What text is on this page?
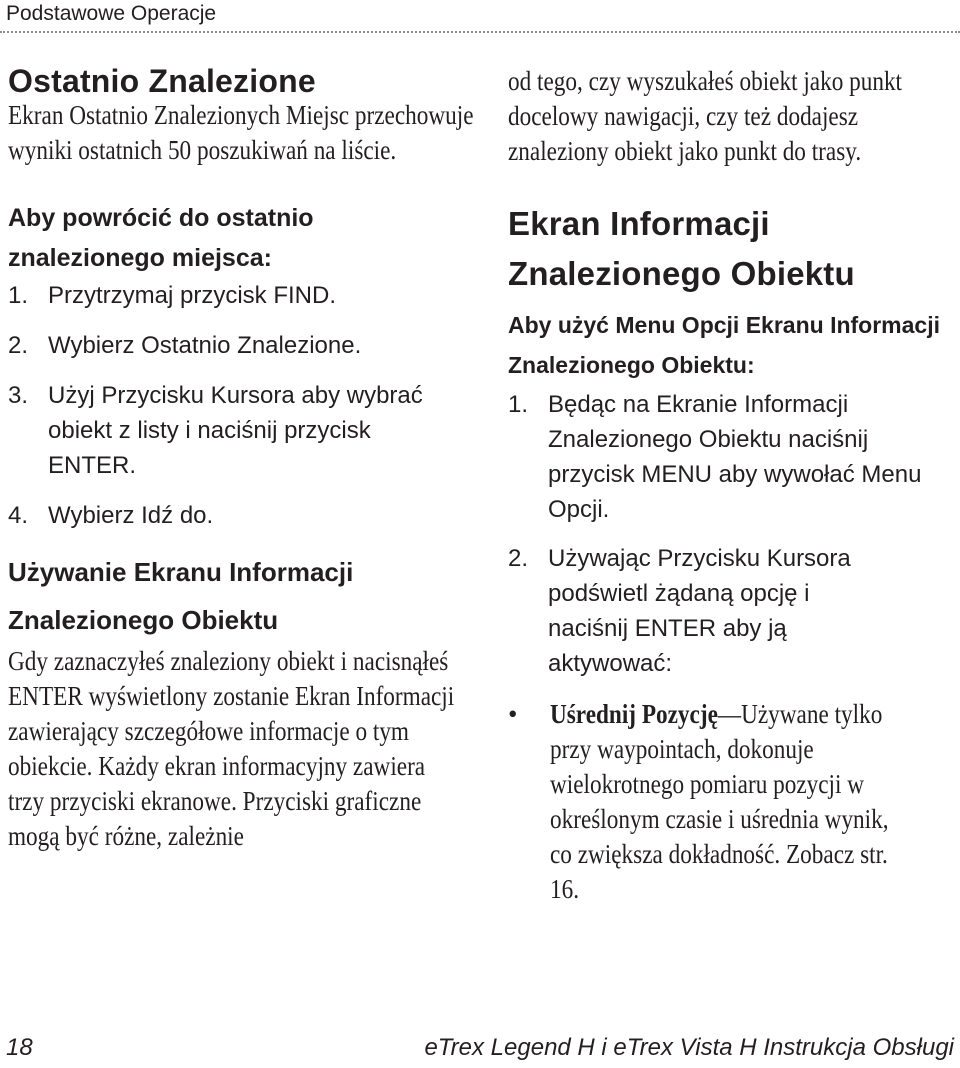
Podstawowe Operacje
Ostatnio Znalezione

Ekran Ostatnio Znalezionych Miejsc przechowuje wyniki ostatnich 50 poszukiwań na liście.

Aby powrócić do ostatnio znalezionego miejsca:
1. Przytrzymaj przycisk FIND.
2. Wybierz Ostatnio Znalezione.
3. Użyj Przycisku Kursora aby wybrać obiekt z listy i naciśnij przycisk ENTER.
4. Wybierz Idź do.
Używanie Ekranu Informacji Znalezionego Obiektu

Gdy zaznaczyłeś znaleziony obiekt i nacisnąłeś ENTER wyświetlony zostanie Ekran Informacji zawierający szczegółowe informacje o tym obiekcie. Każdy ekran informacyjny zawiera trzy przyciski ekranowe. Przyciski graficzne mogą być różne, zależnie

od tego, czy wyszukałeś obiekt jako punkt docelowy nawigacji, czy też dodajesz znaleziony obiekt jako punkt do trasy.

Ekran Informacji Znalezionego Obiektu
Aby użyć Menu Opcji Ekranu Informacji Znalezionego Obiektu:
1. Będąc na Ekranie Informacji Znalezionego Obiektu naciśnij przycisk MENU aby wywołać Menu Opcji.
2. Używając Przycisku Kursora podświetl żądaną opcję i naciśnij ENTER aby ją aktywować:
•	Uśrednij Pozycję—Używane tylko przy waypointach, dokonuje wielokrotnego pomiaru pozycji w określonym czasie i uśrednia wynik, co zwiększa dokładność. Zobacz str. 16.
18	eTrex Legend H i eTrex Vista H Instrukcja Obsługi
